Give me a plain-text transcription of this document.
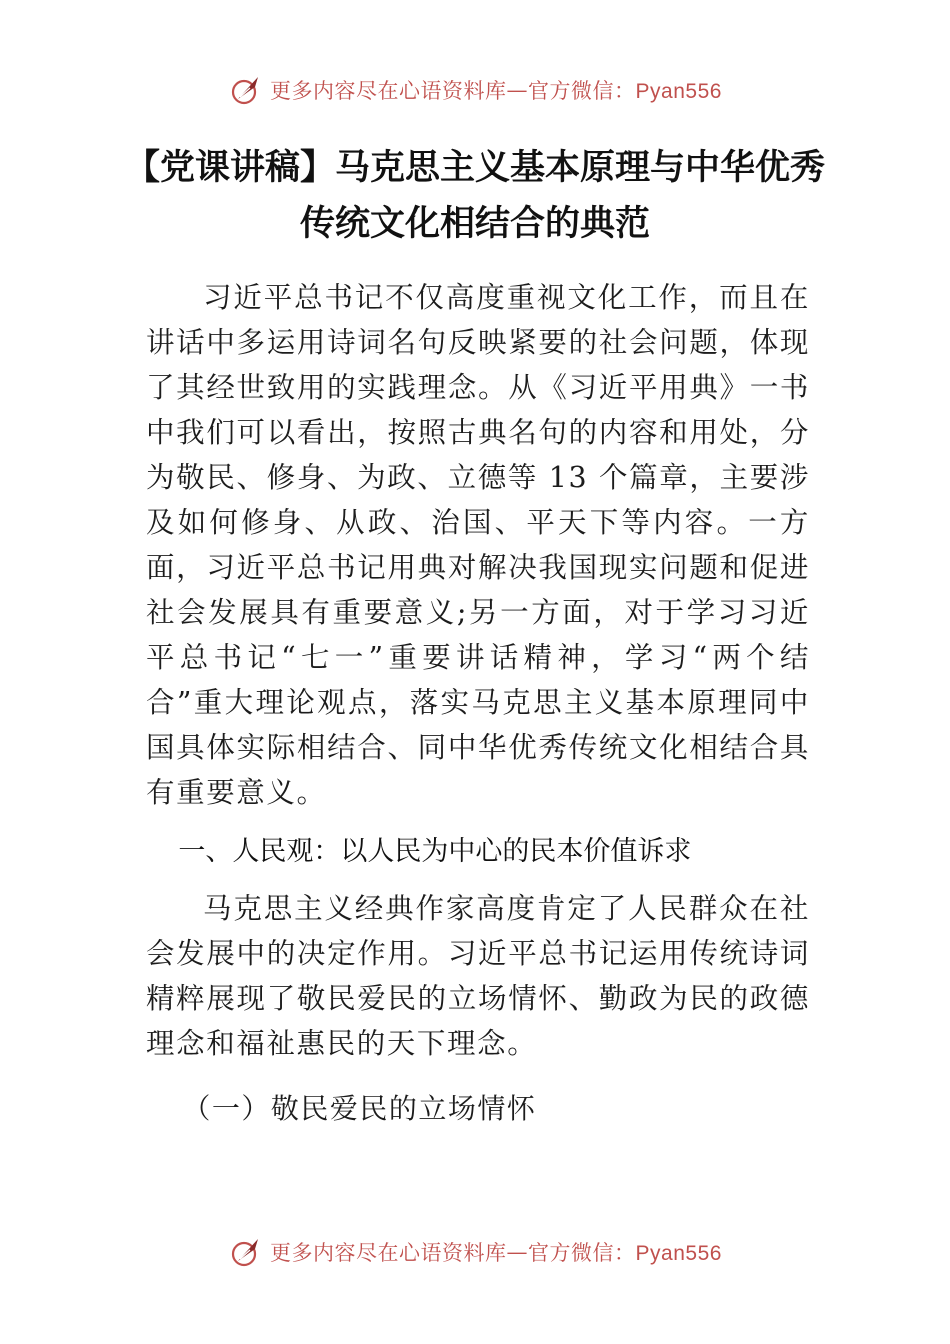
更多内容尽在心语资料库 — 官方微信：Pyan556
【党课讲稿】马克思主义基本原理与中华优秀
传统文化相结合的典范

习近平总书记不仅高度重视文化工作，而且在讲话中多运用诗词名句反映紧要的社会问题，体现了其经世致用的实践理念。从《习近平用典》一书中我们可以看出，按照古典名句的内容和用处，分为敬民、修身、为政、立德等 13 个篇章，主要涉及如何修身、从政、治国、平天下等内容。一方面，习近平总书记用典对解决我国现实问题和促进社会发展具有重要意义;另一方面，对于学习习近平总书记“七一”重要讲话精神，学习“两个结合”重大理论观点，落实马克思主义基本原理同中国具体实际相结合、同中华优秀传统文化相结合具有重要意义。

一、人民观：以人民为中心的民本价值诉求

马克思主义经典作家高度肯定了人民群众在社会发展中的决定作用。习近平总书记运用传统诗词精粹展现了敬民爱民的立场情怀、勤政为民的政德理念和福祉惠民的天下理念。

（一）敬民爱民的立场情怀

更多内容尽在心语资料库 — 官方微信：Pyan556
